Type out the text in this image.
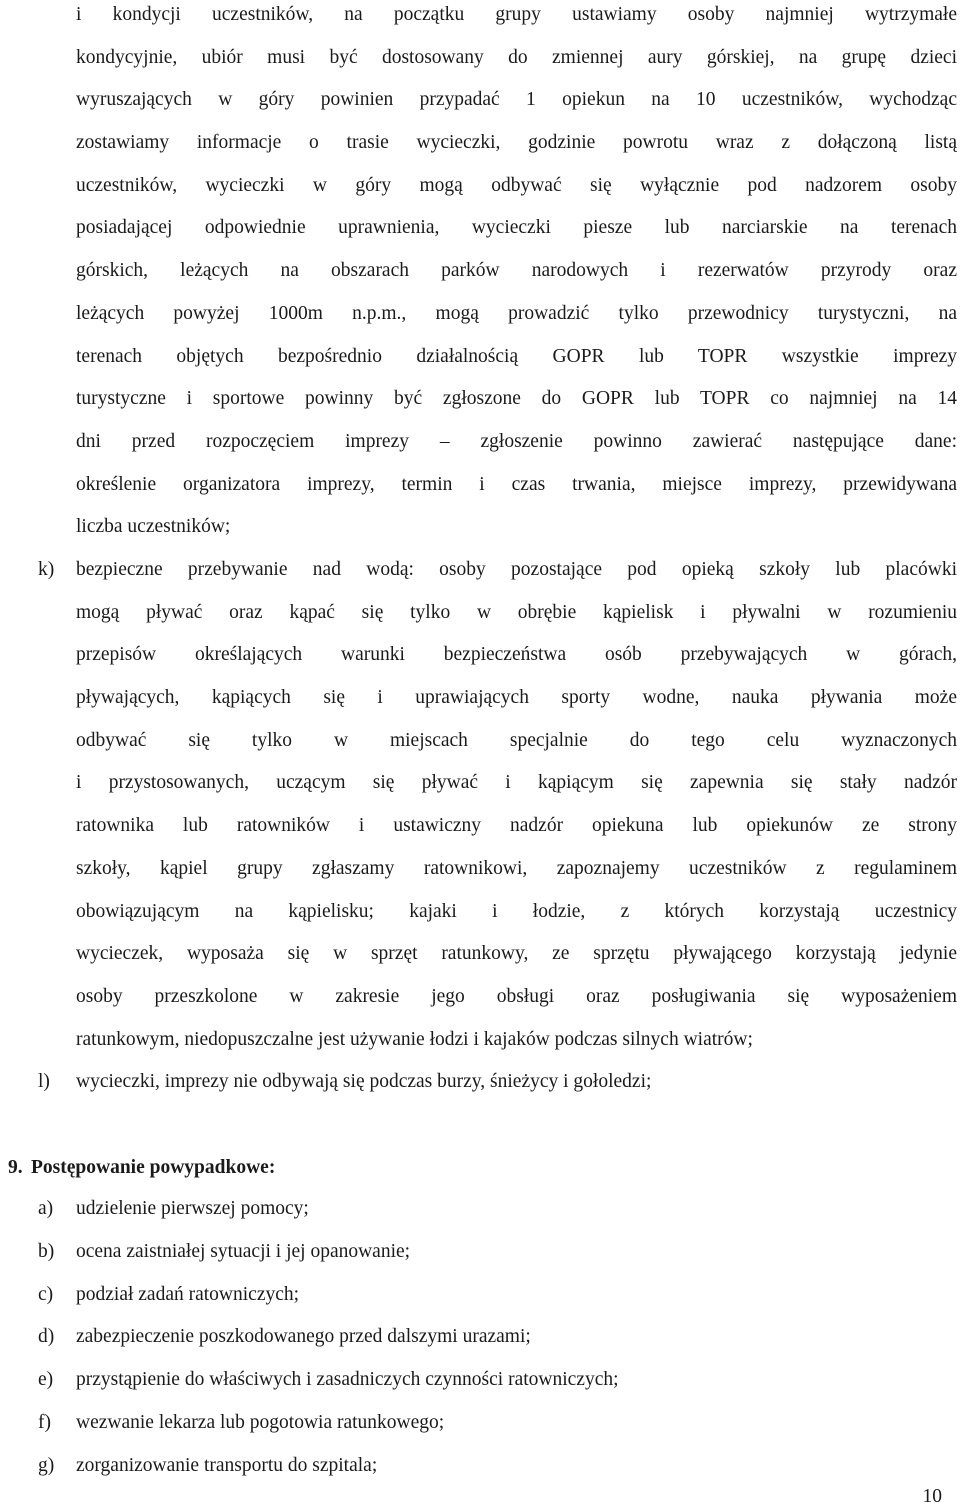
i kondycji uczestników, na początku grupy ustawiamy osoby najmniej wytrzymałe
kondycyjnie, ubiór musi być dostosowany do zmiennej aury górskiej, na grupę dzieci
wyruszających w góry powinien przypadać 1 opiekun na 10 uczestników, wychodząc
zostawiamy informacje o trasie wycieczki, godzinie powrotu wraz z dołączoną listą
uczestników, wycieczki w góry mogą odbywać się wyłącznie pod nadzorem osoby
posiadającej odpowiednie uprawnienia, wycieczki piesze lub narciarskie na terenach
górskich, leżących na obszarach parków narodowych i rezerwatów przyrody oraz
leżących powyżej 1000m n.p.m., mogą prowadzić tylko przewodnicy turystyczni, na
terenach objętych bezpośrednio działalnością GOPR lub TOPR wszystkie imprezy
turystyczne i sportowe powinny być zgłoszone do GOPR lub TOPR co najmniej na 14
dni przed rozpoczęciem imprezy – zgłoszenie powinno zawierać następujące dane:
określenie organizatora imprezy, termin i czas trwania, miejsce imprezy, przewidywana
liczba uczestników;
k) bezpieczne przebywanie nad wodą: osoby pozostające pod opieką szkoły lub placówki
mogą pływać oraz kąpać się tylko w obrębie kąpielisk i pływalni w rozumieniu
przepisów określających warunki bezpieczeństwa osób przebywających w górach,
pływających, kąpiących się i uprawiających sporty wodne, nauka pływania może
odbywać się tylko w miejscach specjalnie do tego celu wyznaczonych
i przystosowanych, uczącym się pływać i kąpiącym się zapewnia się stały nadzór
ratownika lub ratowników i ustawiczny nadzór opiekuna lub opiekunów ze strony
szkoły, kąpiel grupy zgłaszamy ratownikowi, zapoznajemy uczestników z regulaminem
obowiązującym na kąpielisku; kajaki i łodzie, z których korzystają uczestnicy
wycieczek, wyposaża się w sprzęt ratunkowy, ze sprzętu pływającego korzystają jedynie
osoby przeszkolone w zakresie jego obsługi oraz posługiwania się wyposażeniem
ratunkowym, niedopuszczalne jest używanie łodzi i kajaków podczas silnych wiatrów;
l) wycieczki, imprezy nie odbywają się podczas burzy, śnieżycy i gołoledzi;
9. Postępowanie powypadkowe:
a) udzielenie pierwszej pomocy;
b) ocena zaistniałej sytuacji i jej opanowanie;
c) podział zadań ratowniczych;
d) zabezpieczenie poszkodowanego przed dalszymi urazami;
e) przystąpienie do właściwych i zasadniczych czynności ratowniczych;
f) wezwanie lekarza lub pogotowia ratunkowego;
g) zorganizowanie transportu do szpitala;
10
